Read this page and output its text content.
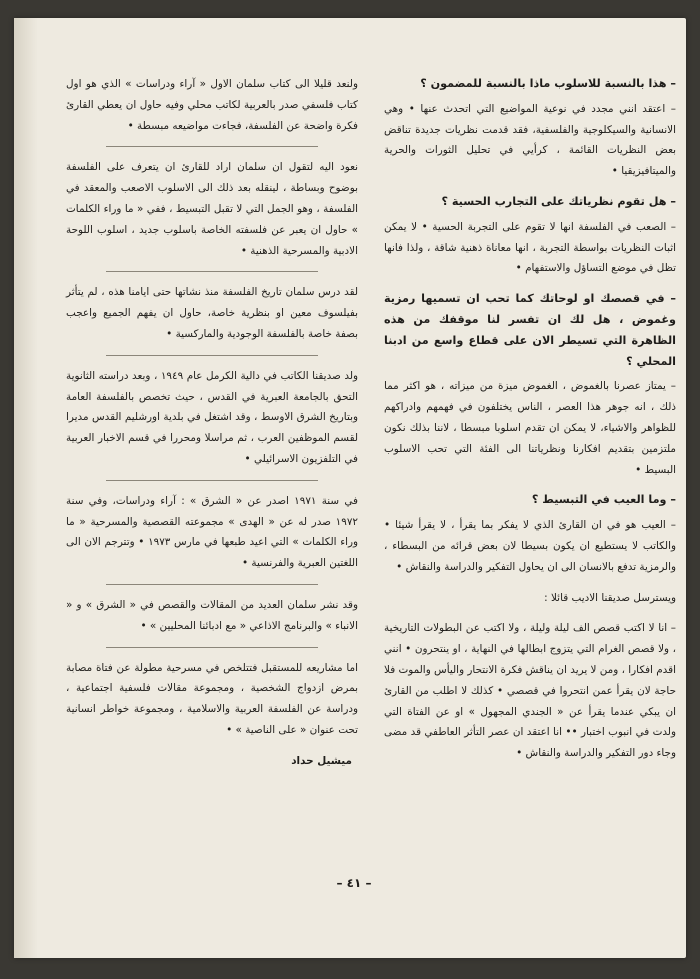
– هذا بالنسبة للاسلوب ماذا بالنسبة للمضمون ؟

– اعتقد انني مجدد في نوعية المواضيع التي اتحدث عنها • وهي الانسانية والسيكلوجية والفلسفية، فقد قدمت نظريات جديدة تناقض بعض النظريات القائمة ، كرأيي في تحليل الثورات والحرية والميتافيزيقيا •

– هل تقوم نظرياتك على التجارب الحسية ؟

– الصعب في الفلسفة انها لا تقوم على التجربة الحسية • لا يمكن اثبات النظريات بواسطة التجربة ، انها معاناة ذهنية شاقة ، ولذا فانها تظل في موضع التساؤل والاستفهام •

– في قصصك او لوحاتك كما تحب ان تسميها رمزية وغموض ، هل لك ان تفسر لنا موقفك من هذه الظاهرة التي تسيطر الان على قطاع واسع من ادبنا المحلي ؟

– يمتاز عصرنا بالغموض ، الغموض ميزة من ميزاته ، هو اكثر مما ذلك ، انه جوهر هذا العصر ، الناس يختلفون في فهمهم وادراكهم للظواهر والاشياء، لا يمكن ان تقدم اسلوبا مبسطا ، لاننا بذلك نكون ملتزمين بتقديم افكارنا ونظرياتنا الى الفئة التي تحب الاسلوب البسيط •

– وما العيب في التبسيط ؟

– العيب هو في ان القارئ الذي لا يفكر بما يقرأ ، لا يقرأ شيئا • والكاتب لا يستطيع ان يكون بسيطا لان بعض قرائه من البسطاء ، والرمزية تدفع بالانسان الى ان يحاول التفكير والدراسة والنقاش •

ويسترسل صديقنا الاديب قائلا :

– انا لا اكتب قصص الف ليلة وليلة ، ولا اكتب عن البطولات التاريخية ، ولا قصص الغرام التي يتزوج ابطالها في النهاية ، او ينتحرون • انني اقدم افكارا ، ومن لا يريد ان يناقش فكرة الانتحار واليأس والموت فلا حاجة لان يقرأ عمن انتحروا في قصصي • كذلك لا اطلب من القارئ ان يبكي عندما يقرأ عن « الجندي المجهول » او عن الفتاة التي ولدت في انبوب اختبار •• انا اعتقد ان عصر التأثر العاطفي قد مضى وجاء دور التفكير والدراسة والنقاش •

ولنعد قليلا الى كتاب سلمان الاول « آراء ودراسات » الذي هو اول كتاب فلسفي صدر بالعربية لكاتب محلي وفيه حاول ان يعطي القارئ فكرة واضحة عن الفلسفة، فجاءت مواضيعه مبسطة •

نعود اليه لتقول ان سلمان اراد للقارئ ان يتعرف على الفلسفة بوضوح وبساطة ، لينقله بعد ذلك الى الاسلوب الاصعب والمعقد في الفلسفة ، وهو الجمل التي لا تقبل التبسيط ، ففي « ما وراء الكلمات » حاول ان يعبر عن فلسفته الخاصة باسلوب جديد ، اسلوب اللوحة الادبية والمسرحية الذهنية •

لقد درس سلمان تاريخ الفلسفة منذ نشاتها حتى ايامنا هذه ، لم يتأثر بفيلسوف معين او بنظرية خاصة، حاول ان يفهم الجميع واعجب بصفة خاصة بالفلسفة الوجودية والماركسية •

ولد صديقنا الكاتب في دالية الكرمل عام ١٩٤٩ ، وبعد دراسته الثانوية التحق بالجامعة العبرية في القدس ، حيث تخصص بالفلسفة العامة وبتاريخ الشرق الاوسط ، وقد اشتغل في بلدية اورشليم القدس مديرا لقسم الموظفين العرب ، ثم مراسلا ومحررا في قسم الاخبار العربية في التلفزيون الاسرائيلي •

في سنة ١٩٧١ اصدر عن « الشرق » : آراء ودراسات، وفي سنة ١٩٧٢ صدر له عن « الهدى » مجموعته القصصية والمسرحية « ما وراء الكلمات » التي اعيد طبعها في مارس ١٩٧٣ • وتترجم الان الى اللغتين العبرية والفرنسية •

وقد نشر سلمان العديد من المقالات والقصص في « الشرق » و « الانباء » والبرنامج الاذاعي « مع ادبائنا المحليين » •

اما مشاريعه للمستقبل فتتلخص في مسرحية مطولة عن فتاة مصابة بمرض ازدواج الشخصية ، ومجموعة مقالات فلسفية اجتماعية ، ودراسة عن الفلسفة العربية والاسلامية ، ومجموعة خواطر انسانية تحت عنوان « على الناصية » •

ميشيل حداد
– ٤١ –
